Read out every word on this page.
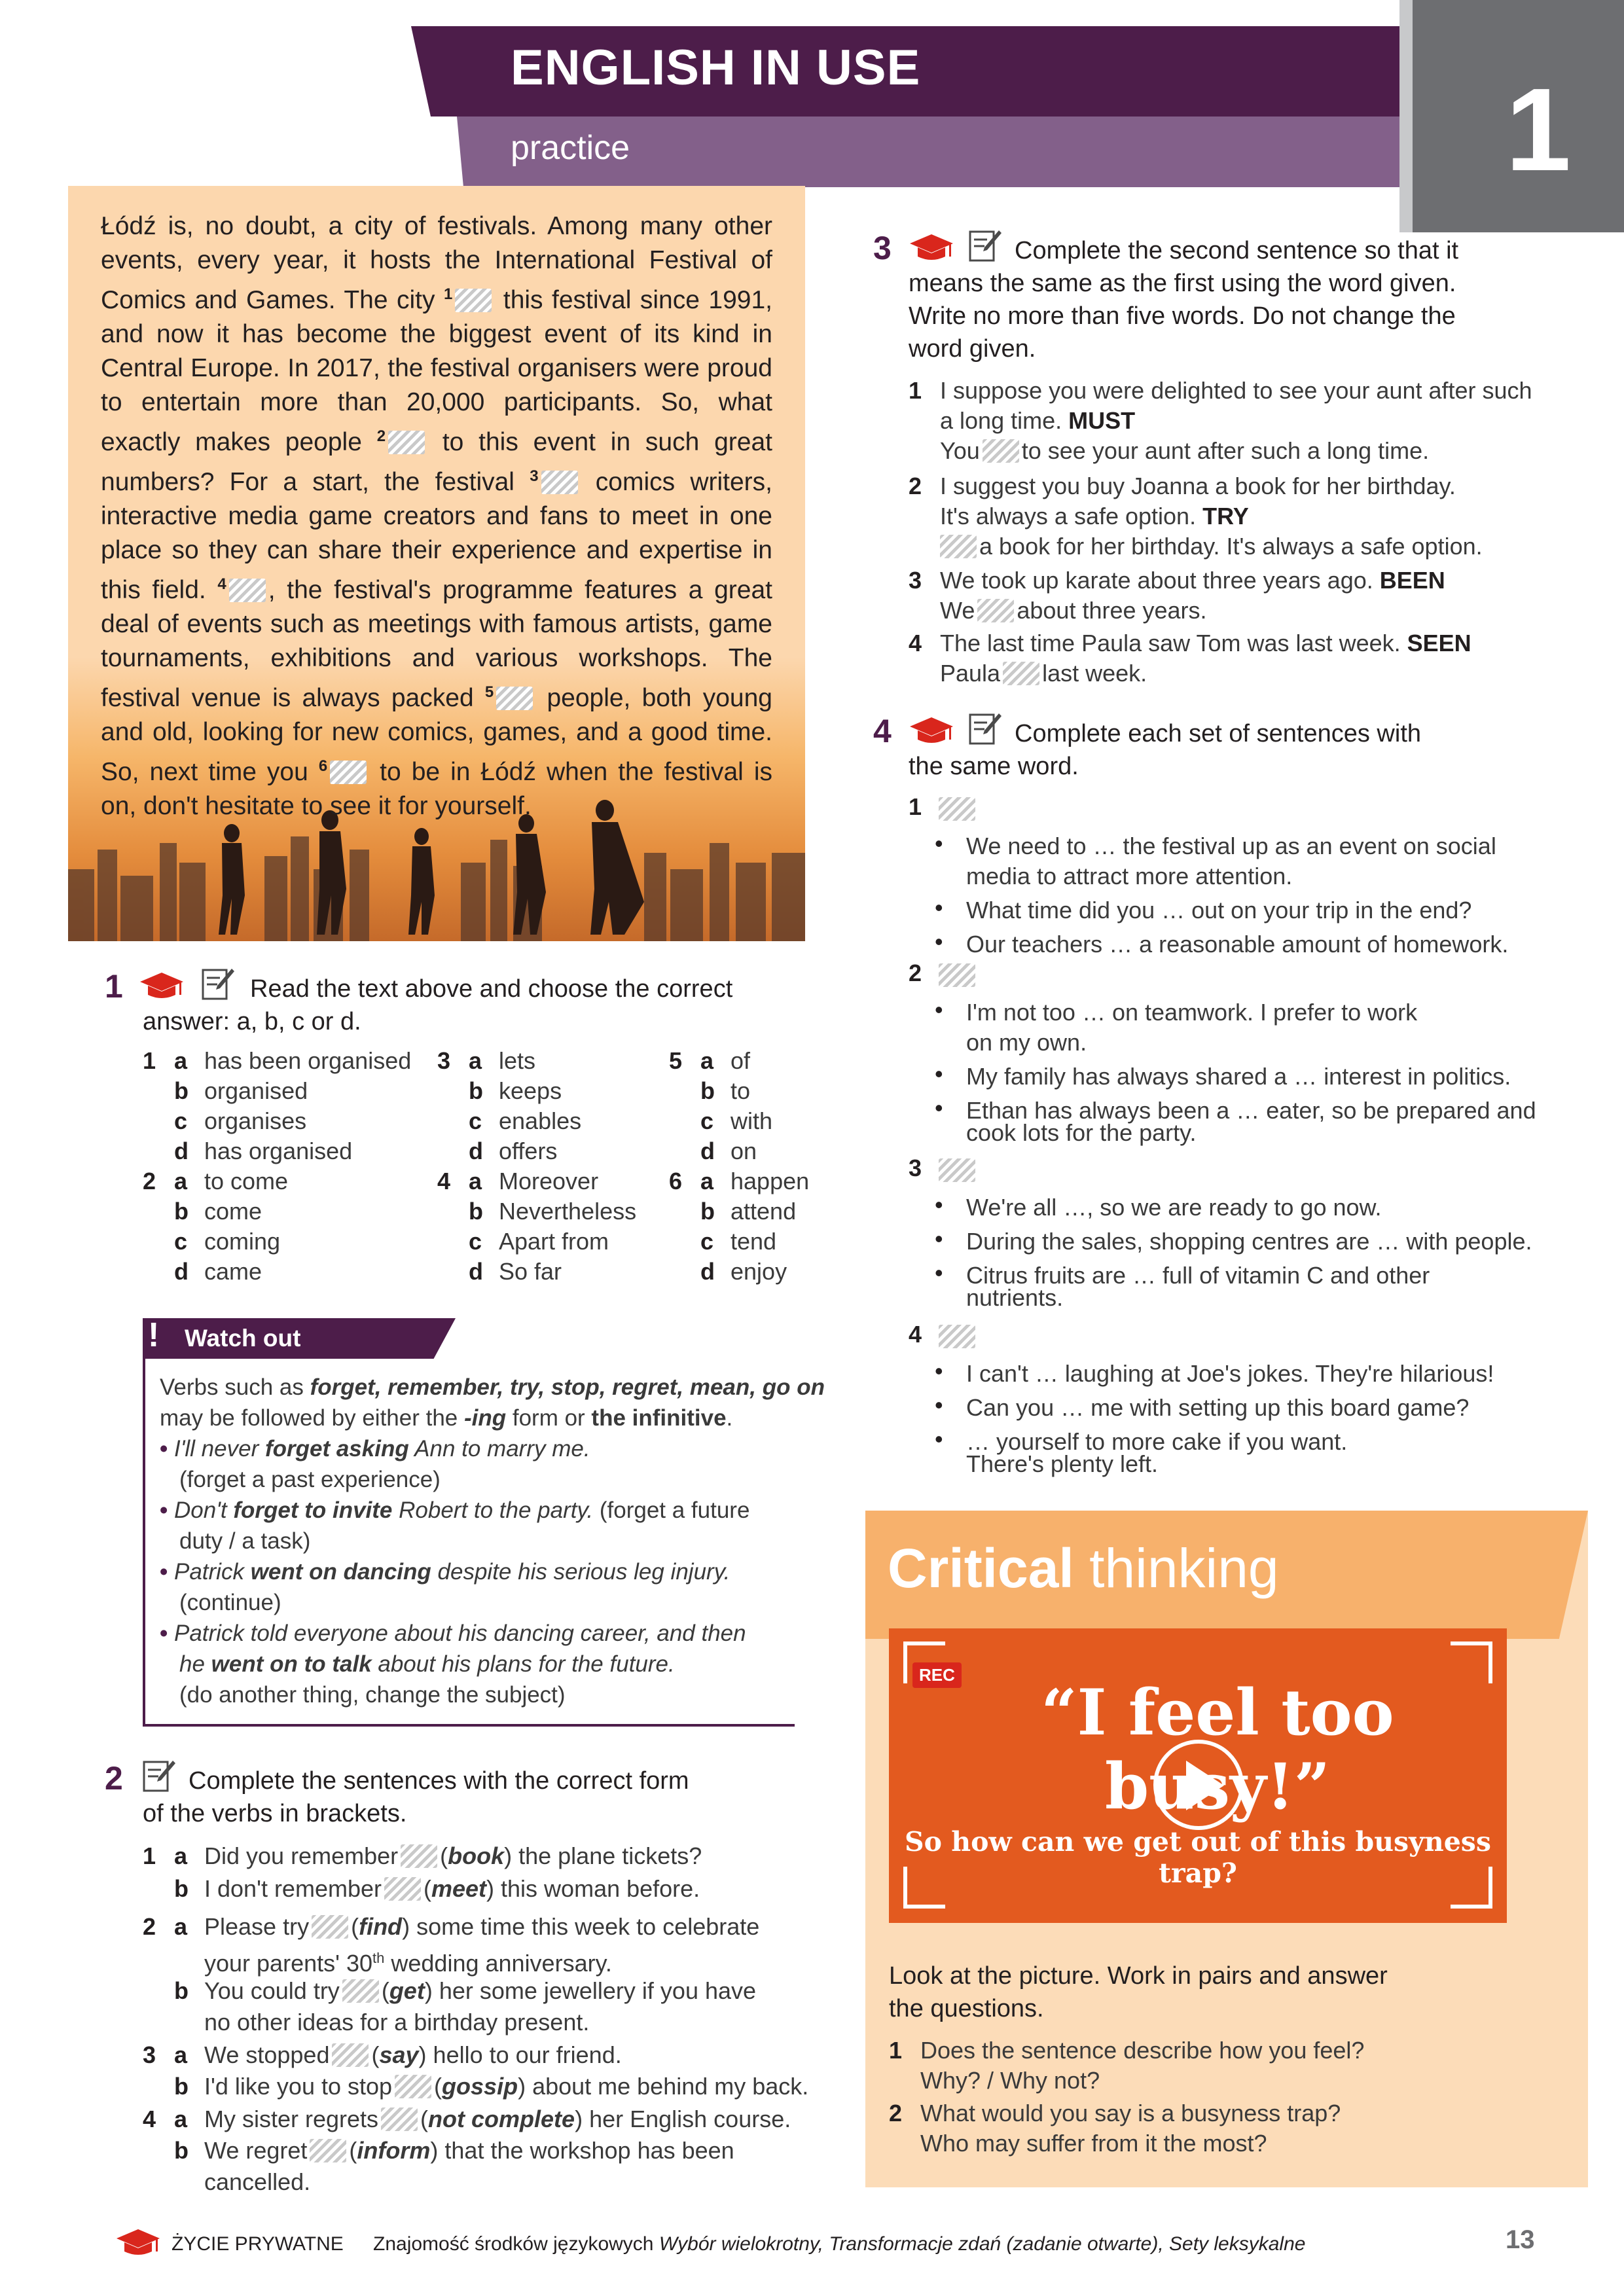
ENGLISH IN USE
practice	1
Łódź is, no doubt, a city of festivals. Among many other events, every year, it hosts the International Festival of Comics and Games. The city $^1$ this festival since 1991, and now it has become the biggest event of its kind in Central Europe. In 2017, the festival organisers were proud to entertain more than 20,000 participants. So, what exactly makes people $^2$ to this event in such great numbers? For a start, the festival $^3$ comics writers, interactive media game creators and fans to meet in one place so they can share their experience and expertise in this field. $^4$ , the festival's programme features a great deal of events such as meetings with famous artists, game tournaments, exhibitions and various workshops. The festival venue is always packed $^5$ people, both young and old, looking for new comics, games, and a good time. So, next time you $^6$ to be in Łódź when the festival is on, don't hesitate to see it for yourself.
1	Read the text above and choose the correct
answer: a, b, c or d.
1 a has been organised
b organised
c organises
d has organised
2 a to come
b come
c coming
d came
3 a lets
b keeps
c enables
d offers
4 a Moreover
b Nevertheless
c Apart from
d So far
5 a of
b to
c with
d on
6 a happen
b attend
c tend
d enjoy
! Watch out
Verbs such as forget, remember, try, stop, regret, mean, go on
may be followed by either the -ing form or the infinitive.
• I'll never forget asking Ann to marry me.
(forget a past experience)
• Don't forget to invite Robert to the party. (forget a future
duty / a task)
• Patrick went on dancing despite his serious leg injury.
(continue)
• Patrick told everyone about his dancing career, and then
he went on to talk about his plans for the future.
(do another thing, change the subject)
2	Complete the sentences with the correct form
of the verbs in brackets.
1 a Did you remember (book) the plane tickets?
b I don't remember (meet) this woman before.
2 a Please try (find) some time this week to celebrate
b You could try (get) her some jewellery if you have
3 a We stopped (say) hello to our friend.
b I'd like you to stop (gossip) about me behind my back.
4 a My sister regrets (not complete) her English course.
b We regret (inform) that the workshop has been
your parents' 30th wedding anniversary.
no other ideas for a birthday present.
cancelled.
3	Complete the second sentence so that it
means the same as the first using the word given.
Write no more than five words. Do not change the
word given.
1 I suppose you were delighted to see your aunt after such
a long time. MUST
You to see your aunt after such a long time.
2 I suggest you buy Joanna a book for her birthday.
It's always a safe option. TRY
a book for her birthday. It's always a safe option.
3 We took up karate about three years ago. BEEN
We about three years.
4 The last time Paula saw Tom was last week. SEEN
Paula last week.
4	Complete each set of sentences with
the same word.
1
• We need to … the festival up as an event on social
media to attract more attention.
• What time did you … out on your trip in the end?
• Our teachers … a reasonable amount of homework.
2
• I'm not too … on teamwork. I prefer to work
on my own.
• My family has always shared a … interest in politics.
• Ethan has always been a … eater, so be prepared and
cook lots for the party.
3
• We're all …, so we are ready to go now.
• During the sales, shopping centres are … with people.
• Citrus fruits are … full of vitamin C and other
nutrients.
4
• I can't … laughing at Joe's jokes. They're hilarious!
• Can you … me with setting up this board game?
• … yourself to more cake if you want.
There's plenty left.
Critical thinking
REC
“I feel too busy!”
So how can we get out of this busyness trap?
Look at the picture. Work in pairs and answer
the questions.
1 Does the sentence describe how you feel?
Why? / Why not?
2 What would you say is a busyness trap?
Who may suffer from it the most?
ŻYCIE PRYWATNE Znajomość środków językowych Wybór wielokrotny, Transformacje zdań (zadanie otwarte), Sety leksykalne	13
